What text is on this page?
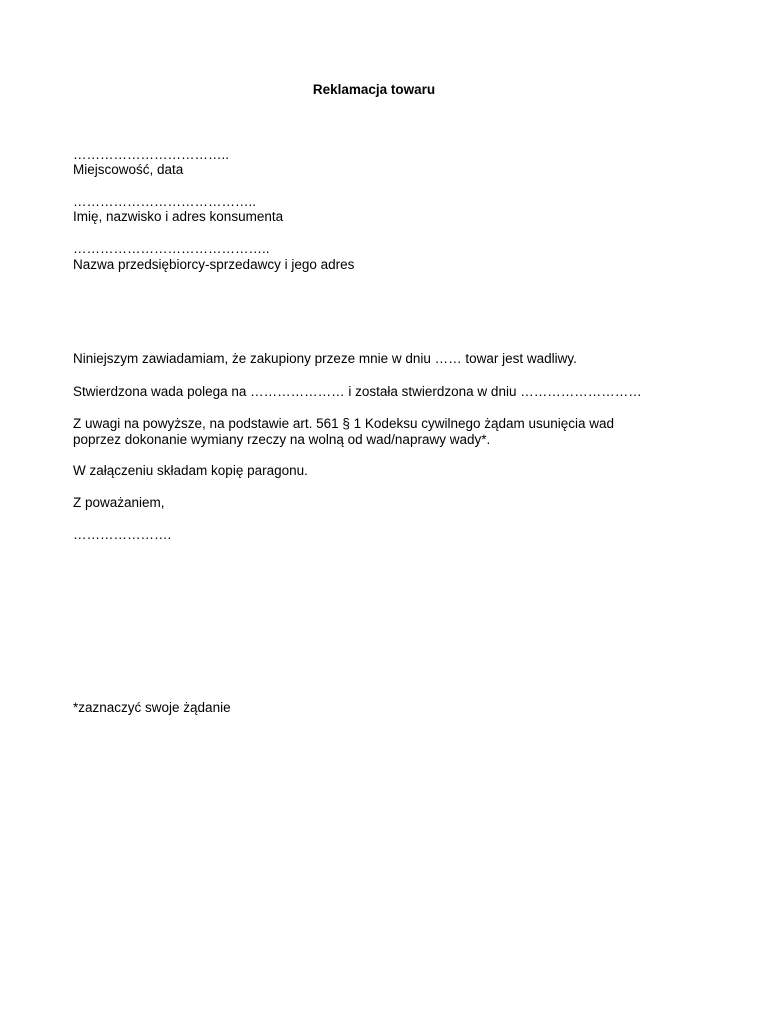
Reklamacja towaru
……………………………..
Miejscowość, data
…………………………………..
Imię, nazwisko i adres konsumenta
……………………………………..
Nazwa przedsiębiorcy-sprzedawcy i jego adres
Niniejszym zawiadamiam, że zakupiony przeze mnie w dniu …… towar jest wadliwy.
Stwierdzona wada polega na ………………… i została stwierdzona w dniu ………………………
Z uwagi na powyższe, na podstawie art. 561 § 1 Kodeksu cywilnego żądam usunięcia wad
poprzez dokonanie wymiany rzeczy na wolną od wad/naprawy wady*.
W załączeniu składam kopię paragonu.
Z poważaniem,
………………….
*zaznaczyć swoje żądanie
